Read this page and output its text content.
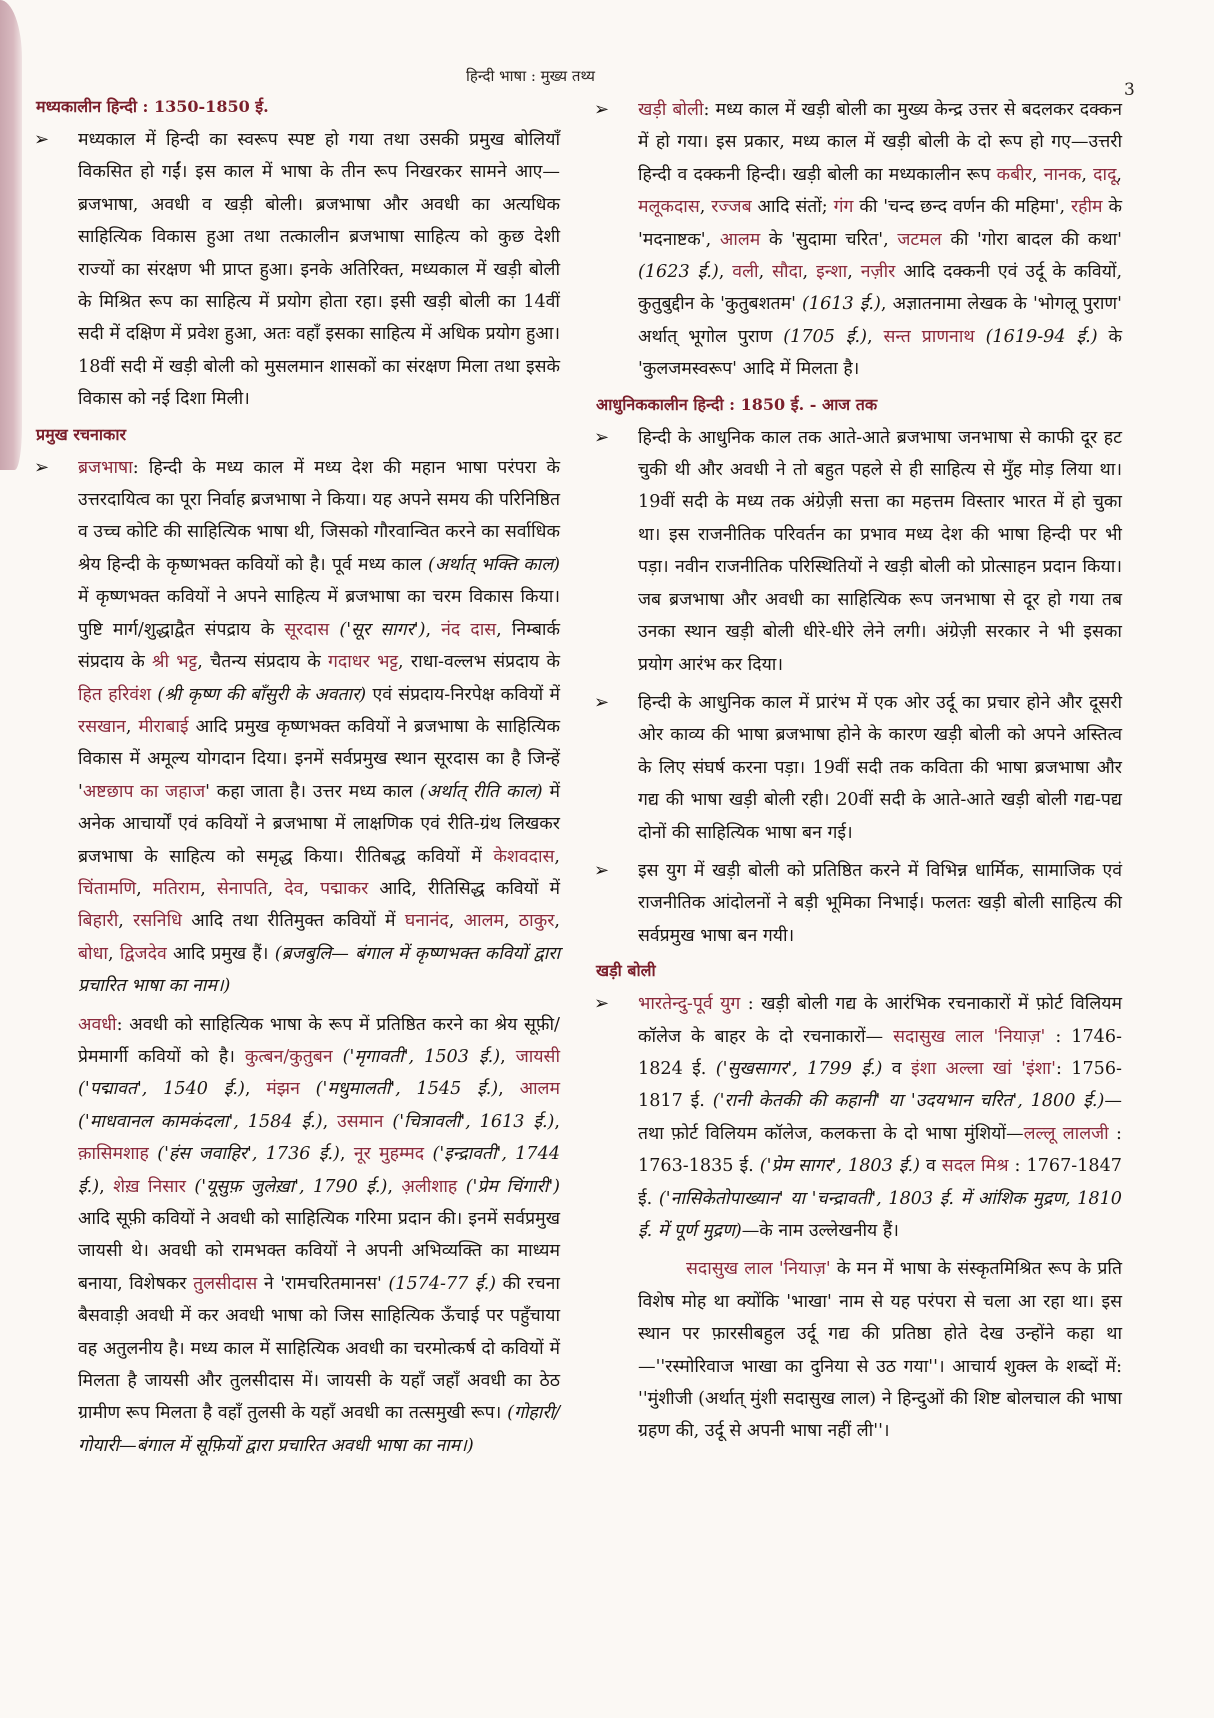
हिन्दी भाषा : मुख्य तथ्य
3
मध्यकालीन हिन्दी : 1350-1850 ई.
➢ मध्यकाल में हिन्दी का स्वरूप स्पष्ट हो गया तथा उसकी प्रमुख बोलियाँ विकसित हो गईं। इस काल में भाषा के तीन रूप निखरकर सामने आए— ब्रजभाषा, अवधी व खड़ी बोली। ब्रजभाषा और अवधी का अत्यधिक साहित्यिक विकास हुआ तथा तत्कालीन ब्रजभाषा साहित्य को कुछ देशी राज्यों का संरक्षण भी प्राप्त हुआ। इनके अतिरिक्त, मध्यकाल में खड़ी बोली के मिश्रित रूप का साहित्य में प्रयोग होता रहा। इसी खड़ी बोली का 14वीं सदी में दक्षिण में प्रवेश हुआ, अतः वहाँ इसका साहित्य में अधिक प्रयोग हुआ। 18वीं सदी में खड़ी बोली को मुसलमान शासकों का संरक्षण मिला तथा इसके विकास को नई दिशा मिली।
प्रमुख रचनाकार
➢ ब्रजभाषा: हिन्दी के मध्य काल में मध्य देश की महान भाषा परंपरा के उत्तरदायित्व का पूरा निर्वाह ब्रजभाषा ने किया। यह अपने समय की परिनिष्ठित व उच्च कोटि की साहित्यिक भाषा थी, जिसको गौरवान्वित करने का सर्वाधिक श्रेय हिन्दी के कृष्णभक्त कवियों को है। पूर्व मध्य काल (अर्थात् भक्ति काल) में कृष्णभक्त कवियों ने अपने साहित्य में ब्रजभाषा का चरम विकास किया। पुष्टि मार्ग/शुद्धाद्वैत संपद्राय के सूरदास ('सूर सागर'), नंद दास, निम्बार्क संप्रदाय के श्री भट्ट, चैतन्य संप्रदाय के गदाधर भट्ट, राधा-वल्लभ संप्रदाय के हित हरिवंश (श्री कृष्ण की बाँसुरी के अवतार) एवं संप्रदाय-निरपेक्ष कवियों में रसखान, मीराबाई आदि प्रमुख कृष्णभक्त कवियों ने ब्रजभाषा के साहित्यिक विकास में अमूल्य योगदान दिया। इनमें सर्वप्रमुख स्थान सूरदास का है जिन्हें 'अष्टछाप का जहाज' कहा जाता है। उत्तर मध्य काल (अर्थात् रीति काल) में अनेक आचार्यों एवं कवियों ने ब्रजभाषा में लाक्षणिक एवं रीति-ग्रंथ लिखकर ब्रजभाषा के साहित्य को समृद्ध किया। रीतिबद्ध कवियों में केशवदास, चिंतामणि, मतिराम, सेनापति, देव, पद्माकर आदि, रीतिसिद्ध कवियों में बिहारी, रसनिधि आदि तथा रीतिमुक्त कवियों में घनानंद, आलम, ठाकुर, बोधा, द्विजदेव आदि प्रमुख हैं। (ब्रजबुलि— बंगाल में कृष्णभक्त कवियों द्वारा प्रचारित भाषा का नाम।)
अवधी: अवधी को साहित्यिक भाषा के रूप में प्रतिष्ठित करने का श्रेय सूफ़ी/प्रेममार्गी कवियों को है। कुत्बन/कुतुबन ('मृगावती', 1503 ई.), जायसी ('पद्मावत', 1540 ई.), मंझन ('मधुमालती', 1545 ई.), आलम ('माधवानल कामकंदला', 1584 ई.), उसमान ('चित्रावली', 1613 ई.), क़ासिमशाह ('हंस जवाहिर', 1736 ई.), नूर मुहम्मद ('इन्द्रावती', 1744 ई.), शेख़ निसार ('यूसुफ़ जुलेख़ा', 1790 ई.), अ़लीशाह ('प्रेम चिंगारी') आदि सूफ़ी कवियों ने अवधी को साहित्यिक गरिमा प्रदान की। इनमें सर्वप्रमुख जायसी थे। अवधी को रामभक्त कवियों ने अपनी अभिव्यक्ति का माध्यम बनाया, विशेषकर तुलसीदास ने 'रामचरितमानस' (1574-77 ई.) की रचना बैसवाड़ी अवधी में कर अवधी भाषा को जिस साहित्यिक ऊँचाई पर पहुँचाया वह अतुलनीय है। मध्य काल में साहित्यिक अवधी का चरमोत्कर्ष दो कवियों में मिलता है जायसी और तुलसीदास में। जायसी के यहाँ जहाँ अवधी का ठेठ ग्रामीण रूप मिलता है वहाँ तुलसी के यहाँ अवधी का तत्समुखी रूप। (गोहारी/ गोयारी—बंगाल में सूफ़ियों द्वारा प्रचारित अवधी भाषा का नाम।)
➢ खड़ी बोली: मध्य काल में खड़ी बोली का मुख्य केन्द्र उत्तर से बदलकर दक्कन में हो गया। इस प्रकार, मध्य काल में खड़ी बोली के दो रूप हो गए—उत्तरी हिन्दी व दक्कनी हिन्दी। खड़ी बोली का मध्यकालीन रूप कबीर, नानक, दादू, मलूकदास, रज्जब आदि संतों; गंग की 'चन्द छन्द वर्णन की महिमा', रहीम के 'मदनाष्टक', आलम के 'सुदामा चरित', जटमल की 'गोरा बादल की कथा' (1623 ई.), वली, सौदा, इन्शा, नज़ीर आदि दक्कनी एवं उर्दू के कवियों, कुतुबुद्दीन के 'कुतुबशतम' (1613 ई.), अज्ञातनामा लेखक के 'भोगलू पुराण' अर्थात् भूगोल पुराण (1705 ई.), सन्त प्राणनाथ (1619-94 ई.) के 'कुलजमस्वरूप' आदि में मिलता है।
आधुनिककालीन हिन्दी : 1850 ई. - आज तक
➢ हिन्दी के आधुनिक काल तक आते-आते ब्रजभाषा जनभाषा से काफी दूर हट चुकी थी और अवधी ने तो बहुत पहले से ही साहित्य से मुँह मोड़ लिया था। 19वीं सदी के मध्य तक अंग्रेज़ी सत्ता का महत्तम विस्तार भारत में हो चुका था। इस राजनीतिक परिवर्तन का प्रभाव मध्य देश की भाषा हिन्दी पर भी पड़ा। नवीन राजनीतिक परिस्थितियों ने खड़ी बोली को प्रोत्साहन प्रदान किया। जब ब्रजभाषा और अवधी का साहित्यिक रूप जनभाषा से दूर हो गया तब उनका स्थान खड़ी बोली धीरे-धीरे लेने लगी। अंग्रेज़ी सरकार ने भी इसका प्रयोग आरंभ कर दिया।
➢ हिन्दी के आधुनिक काल में प्रारंभ में एक ओर उर्दू का प्रचार होने और दूसरी ओर काव्य की भाषा ब्रजभाषा होने के कारण खड़ी बोली को अपने अस्तित्व के लिए संघर्ष करना पड़ा। 19वीं सदी तक कविता की भाषा ब्रजभाषा और गद्य की भाषा खड़ी बोली रही। 20वीं सदी के आते-आते खड़ी बोली गद्य-पद्य दोनों की साहित्यिक भाषा बन गई।
➢ इस युग में खड़ी बोली को प्रतिष्ठित करने में विभिन्न धार्मिक, सामाजिक एवं राजनीतिक आंदोलनों ने बड़ी भूमिका निभाई। फलतः खड़ी बोली साहित्य की सर्वप्रमुख भाषा बन गयी।
खड़ी बोली
➢ भारतेन्दु-पूर्व युग : खड़ी बोली गद्य के आरंभिक रचनाकारों में फ़ोर्ट विलियम कॉलेज के बाहर के दो रचनाकारों— सदासुख लाल 'नियाज़' : 1746-1824 ई. ('सुखसागर', 1799 ई.) व इंशा अल्ला खां 'इंशा': 1756-1817 ई. ('रानी केतकी की कहानी' या 'उदयभान चरित', 1800 ई.)—तथा फ़ोर्ट विलियम कॉलेज, कलकत्ता के दो भाषा मुंशियों—लल्लू लालजी : 1763-1835 ई. ('प्रेम सागर', 1803 ई.) व सदल मिश्र : 1767-1847 ई. ('नासिकेतोपाख्यान' या 'चन्द्रावती', 1803 ई. में आंशिक मुद्रण, 1810 ई. में पूर्ण मुद्रण)—के नाम उल्लेखनीय हैं।
सदासुख लाल 'नियाज़' के मन में भाषा के संस्कृतमिश्रित रूप के प्रति विशेष मोह था क्योंकि 'भाखा' नाम से यह परंपरा से चला आ रहा था। इस स्थान पर फ़ारसीबहुल उर्दू गद्य की प्रतिष्ठा होते देख उन्होंने कहा था—''रस्मोरिवाज भाखा का दुनिया से उठ गया''। आचार्य शुक्ल के शब्दों में: ''मुंशीजी (अर्थात् मुंशी सदासुख लाल) ने हिन्दुओं की शिष्ट बोलचाल की भाषा ग्रहण की, उर्दू से अपनी भाषा नहीं ली''।
